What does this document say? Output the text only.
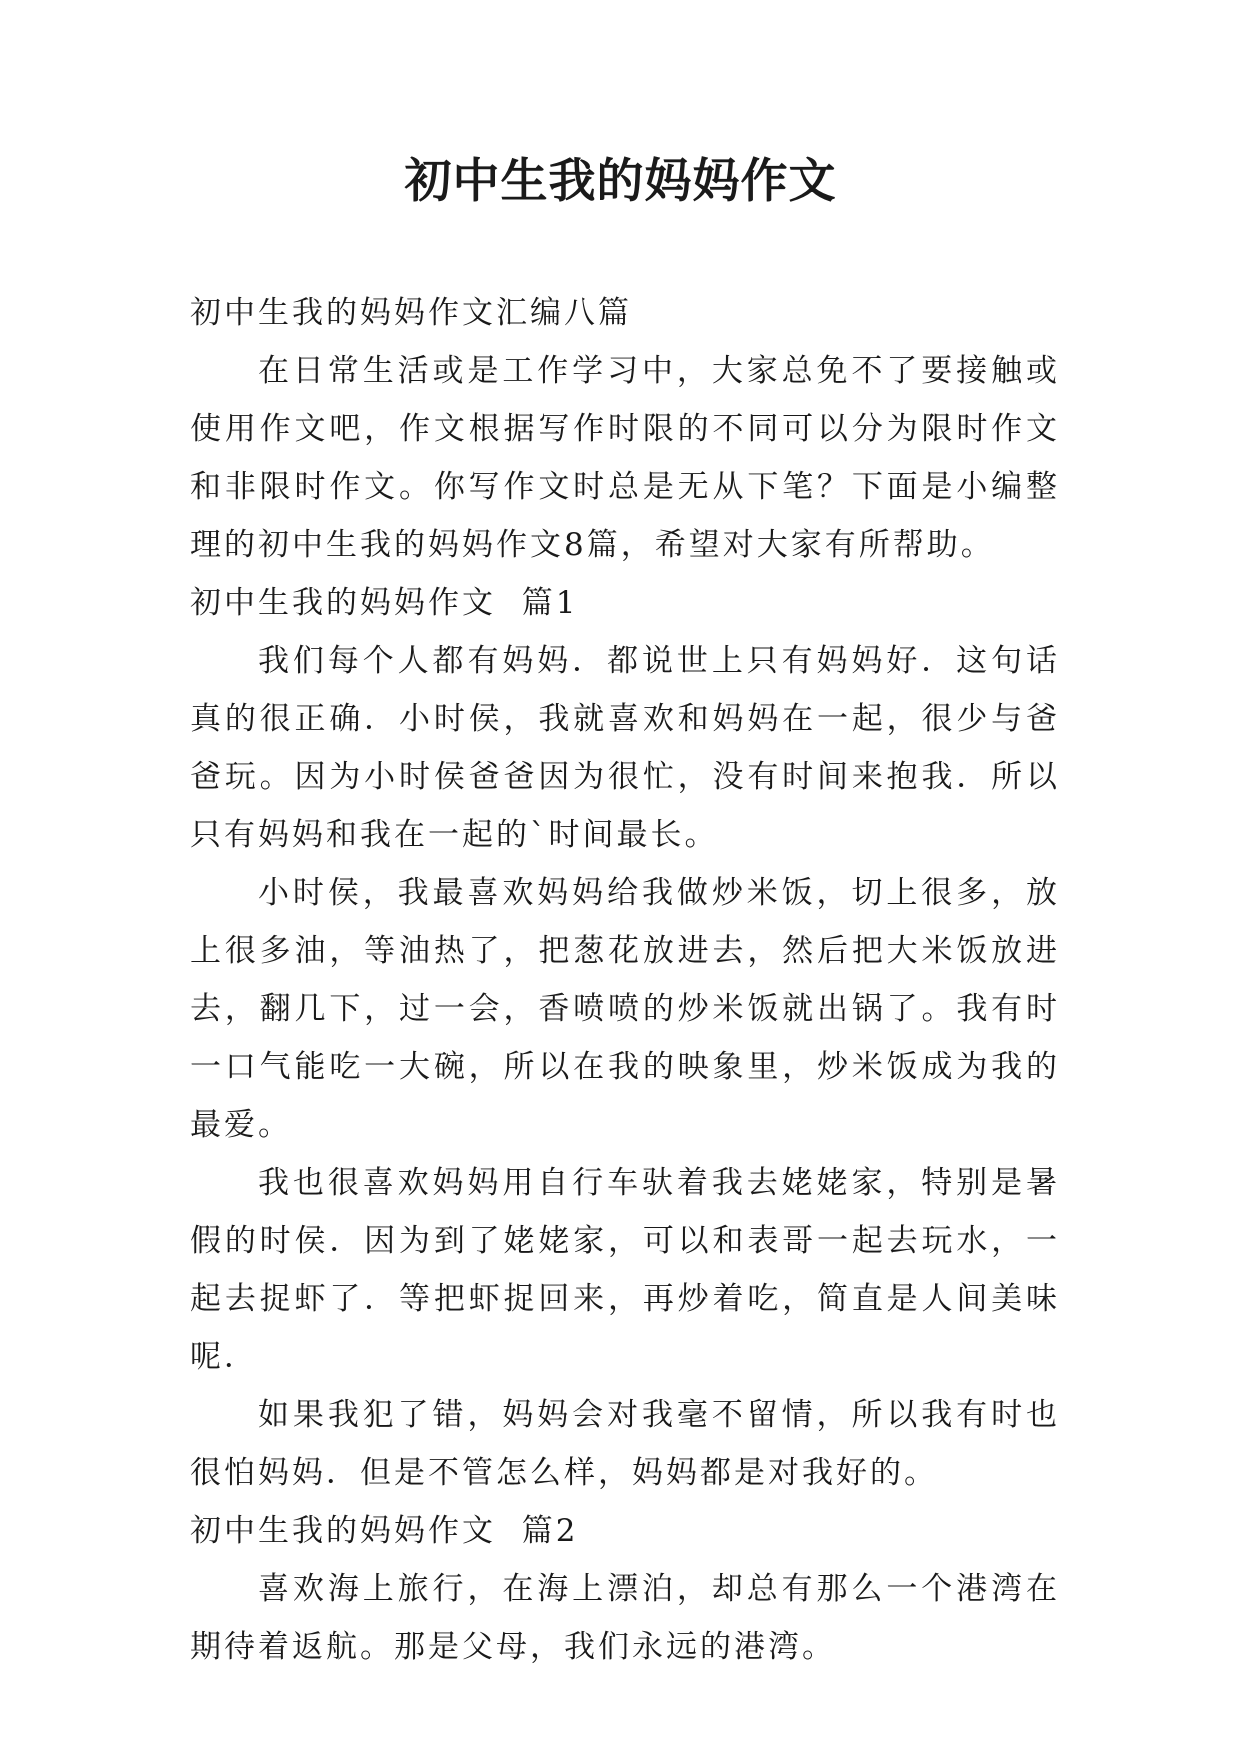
初中生我的妈妈作文

初中生我的妈妈作文汇编八篇

在日常生活或是工作学习中，大家总免不了要接触或使用作文吧，作文根据写作时限的不同可以分为限时作文和非限时作文。你写作文时总是无从下笔？下面是小编整理的初中生我的妈妈作文8篇，希望对大家有所帮助。

初中生我的妈妈作文  篇1

我们每个人都有妈妈．都说世上只有妈妈好．这句话真的很正确．小时侯，我就喜欢和妈妈在一起，很少与爸爸玩。因为小时侯爸爸因为很忙，没有时间来抱我．所以只有妈妈和我在一起的`时间最长。

小时侯，我最喜欢妈妈给我做炒米饭，切上很多，放上很多油，等油热了，把葱花放进去，然后把大米饭放进去，翻几下，过一会，香喷喷的炒米饭就出锅了。我有时一口气能吃一大碗，所以在我的映象里，炒米饭成为我的最爱。

我也很喜欢妈妈用自行车驮着我去姥姥家，特别是暑假的时侯．因为到了姥姥家，可以和表哥一起去玩水，一起去捉虾了．等把虾捉回来，再炒着吃，简直是人间美味呢．

如果我犯了错，妈妈会对我毫不留情，所以我有时也很怕妈妈．但是不管怎么样，妈妈都是对我好的。

初中生我的妈妈作文  篇2

喜欢海上旅行，在海上漂泊，却总有那么一个港湾在期待着返航。那是父母，我们永远的港湾。
